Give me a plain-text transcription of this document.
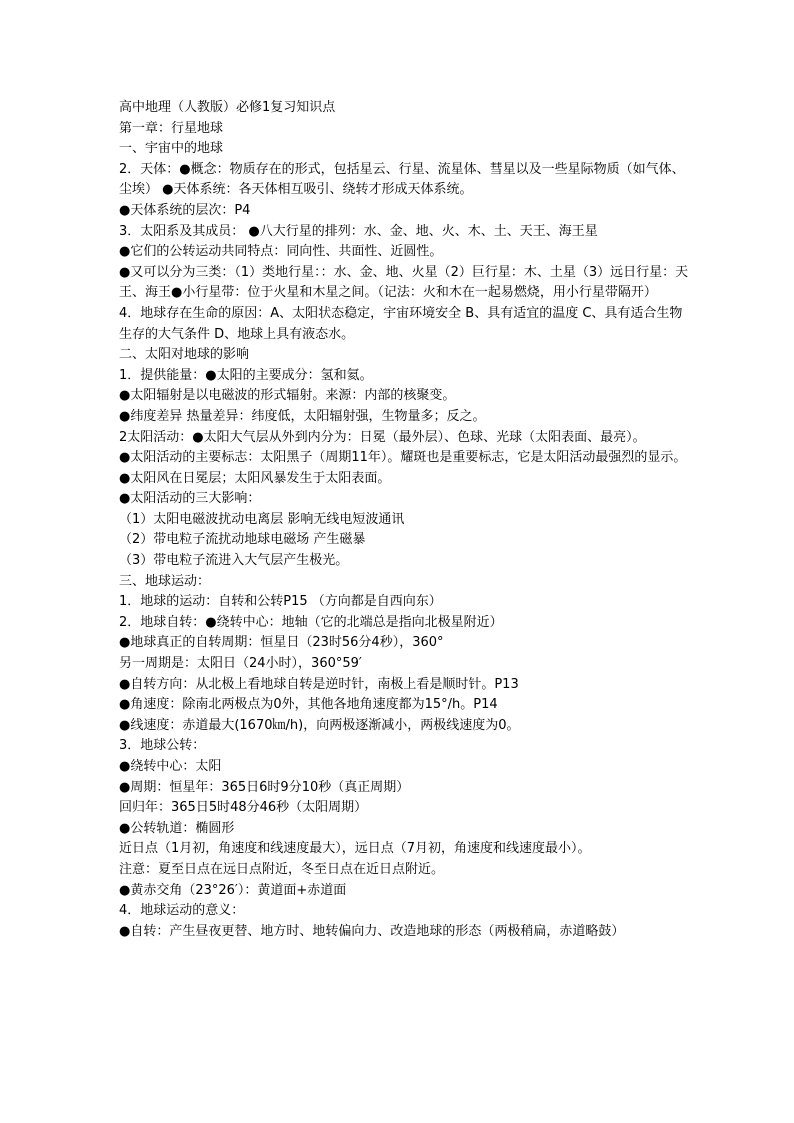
高中地理（人教版）必修1复习知识点

第一章：行星地球

一、宇宙中的地球

2．天体：●概念：物质存在的形式，包括星云、行星、流星体、彗星以及一些星际物质（如气体、尘埃） ●天体系统：各天体相互吸引、绕转才形成天体系统。

●天体系统的层次：P4

3．太阳系及其成员： ●八大行星的排列：水、金、地、火、木、土、天王、海王星

●它们的公转运动共同特点：同向性、共面性、近圆性。

●又可以分为三类：（1）类地行星：：水、金、地、火星（2）巨行星：木、土星（3）远日行星：天王、海王●小行星带：位于火星和木星之间。（记法：火和木在一起易燃烧，用小行星带隔开）

4．地球存在生命的原因：A、太阳状态稳定，宇宙环境安全 B、具有适宜的温度 C、具有适合生物生存的大气条件 D、地球上具有液态水。

二、太阳对地球的影响

1．提供能量：●太阳的主要成分：氢和氦。

●太阳辐射是以电磁波的形式辐射。来源：内部的核聚变。

●纬度差异 热量差异：纬度低，太阳辐射强，生物量多；反之。

2太阳活动：●太阳大气层从外到内分为：日冕（最外层）、色球、光球（太阳表面、最亮）。

●太阳活动的主要标志：太阳黑子（周期11年）。耀斑也是重要标志，它是太阳活动最强烈的显示。

●太阳风在日冕层；太阳风暴发生于太阳表面。

●太阳活动的三大影响：

（1）太阳电磁波扰动电离层 影响无线电短波通讯

（2）带电粒子流扰动地球电磁场 产生磁暴

（3）带电粒子流进入大气层产生极光。

三、地球运动：

1．地球的运动：自转和公转P15 （方向都是自西向东）

2．地球自转：●绕转中心：地轴（它的北端总是指向北极星附近）

●地球真正的自转周期：恒星日（23时56分4秒），360°

另一周期是：太阳日（24小时），360°59′

●自转方向：从北极上看地球自转是逆时针，南极上看是顺时针。P13

●角速度：除南北两极点为0外，其他各地角速度都为15°/h。P14

●线速度：赤道最大(1670㎞/h)，向两极逐渐减小，两极线速度为0。

3．地球公转：

●绕转中心：太阳

●周期：恒星年：365日6时9分10秒（真正周期）

回归年：365日5时48分46秒（太阳周期）

●公转轨道：椭圆形

近日点（1月初，角速度和线速度最大），远日点（7月初，角速度和线速度最小）。

注意：夏至日点在远日点附近，冬至日点在近日点附近。

●黄赤交角（23°26′）：黄道面+赤道面

4．地球运动的意义：

●自转：产生昼夜更替、地方时、地转偏向力、改造地球的形态（两极稍扁，赤道略鼓）
